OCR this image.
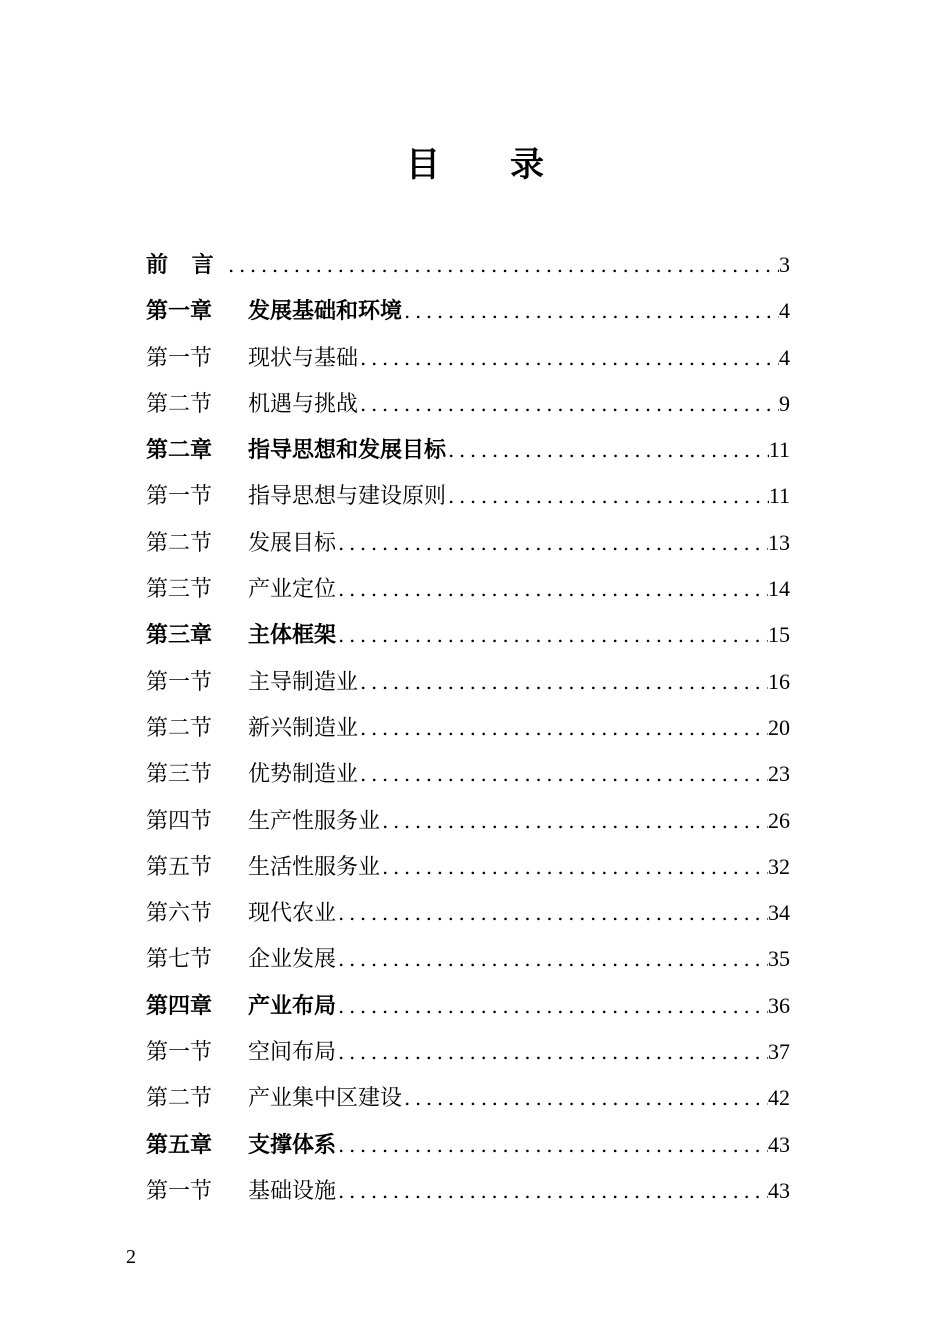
目 录
前 言 .....	3
第一章	发展基础和环境 .....	4
第一节	现状与基础 .....	4
第二节	机遇与挑战 .....	9
第二章	指导思想和发展目标 .....	11
第一节	指导思想与建设原则 .....	11
第二节	发展目标 .....	13
第三节	产业定位 .....	14
第三章	主体框架 .....	15
第一节	主导制造业 .....	16
第二节	新兴制造业 .....	20
第三节	优势制造业 .....	23
第四节	生产性服务业 .....	26
第五节	生活性服务业 .....	32
第六节	现代农业 .....	34
第七节	企业发展 .....	35
第四章	产业布局 .....	36
第一节	空间布局 .....	37
第二节	产业集中区建设 .....	42
第五章	支撑体系 .....	43
第一节	基础设施 .....	43
2
